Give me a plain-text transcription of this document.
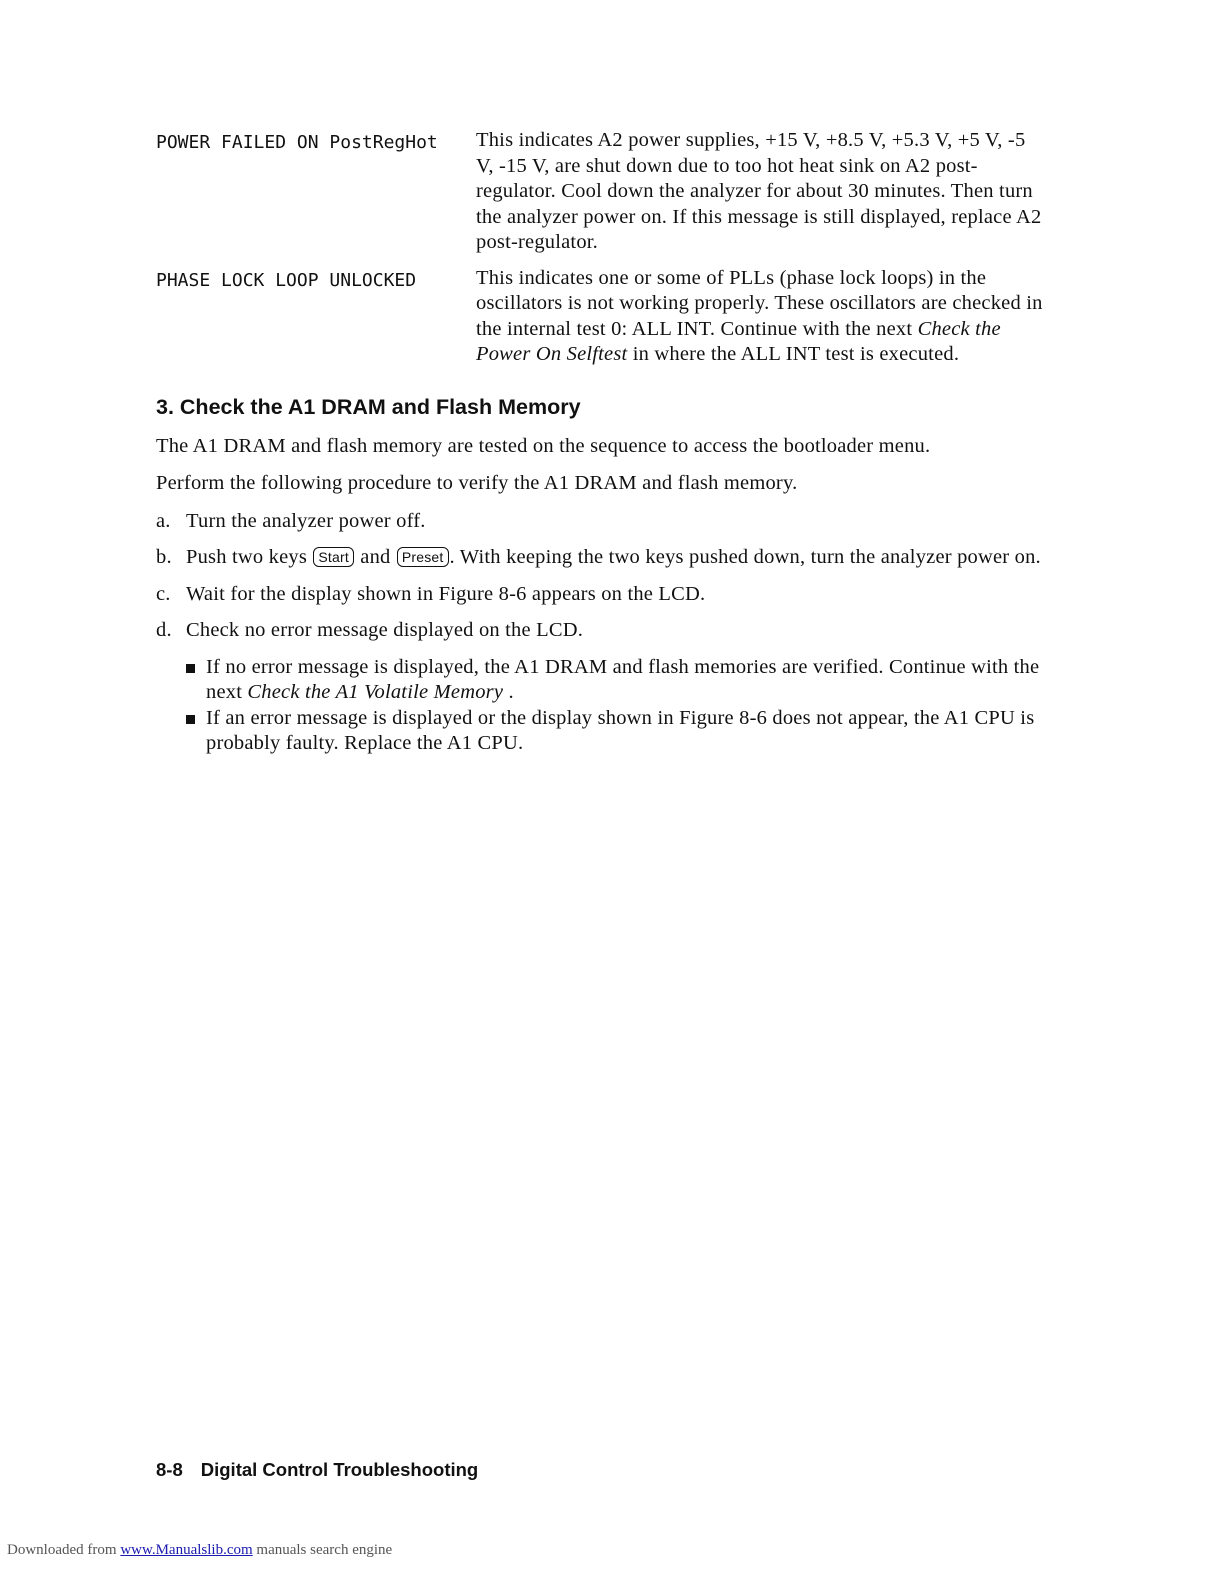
POWER FAILED ON PostRegHot	This indicates A2 power supplies, +15 V, +8.5 V, +5.3 V, +5 V, -5 V, -15 V, are shut down due to too hot heat sink on A2 post-regulator. Cool down the analyzer for about 30 minutes. Then turn the analyzer power on. If this message is still displayed, replace A2 post-regulator.
PHASE LOCK LOOP UNLOCKED	This indicates one or some of PLLs (phase lock loops) in the oscillators is not working properly. These oscillators are checked in the internal test 0: ALL INT. Continue with the next Check the Power On Selftest in where the ALL INT test is executed.
3. Check the A1 DRAM and Flash Memory

The A1 DRAM and flash memory are tested on the sequence to access the bootloader menu.

Perform the following procedure to verify the A1 DRAM and flash memory.

a. Turn the analyzer power off.
b. Push two keys Start and Preset . With keeping the two keys pushed down, turn the analyzer power on.
c. Wait for the display shown in Figure 8-6 appears on the LCD.
d. Check no error message displayed on the LCD.
If no error message is displayed, the A1 DRAM and flash memories are verified. Continue with the next Check the A1 Volatile Memory .
If an error message is displayed or the display shown in Figure 8-6 does not appear, the A1 CPU is probably faulty. Replace the A1 CPU.
8-8 Digital Control Troubleshooting
Downloaded from www.Manualslib.com manuals search engine
